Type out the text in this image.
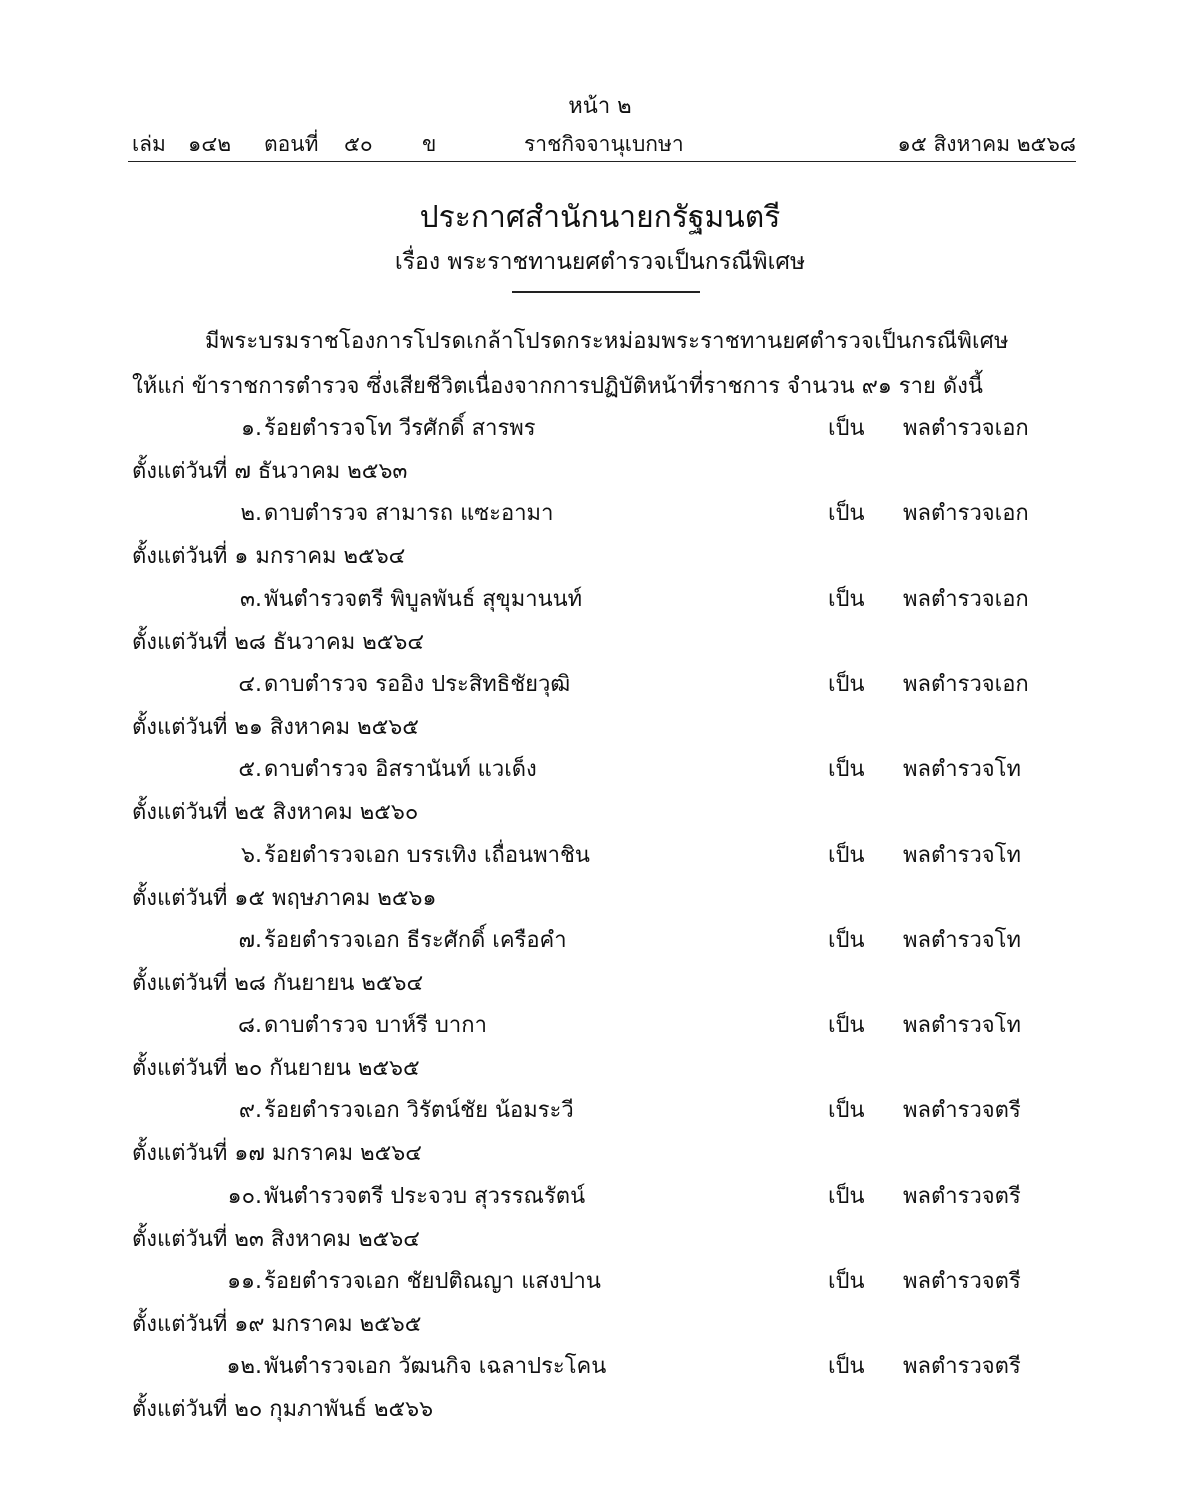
หน้า ๒
เล่ม ๑๔๒ ตอนที่ ๕๐ ข	ราชกิจจานุเบกษา	๑๕ สิงหาคม ๒๕๖๘
ประกาศสำนักนายกรัฐมนตรี
เรื่อง พระราชทานยศตำรวจเป็นกรณีพิเศษ
มีพระบรมราชโองการโปรดเกล้าโปรดกระหม่อมพระราชทานยศตำรวจเป็นกรณีพิเศษ
ให้แก่ ข้าราชการตำรวจ ซึ่งเสียชีวิตเนื่องจากการปฏิบัติหน้าที่ราชการ จำนวน ๙๑ ราย ดังนี้
๑. ร้อยตำรวจโท วีรศักดิ์ สารพร	เป็น พลตำรวจเอก
ตั้งแต่วันที่ ๗ ธันวาคม ๒๕๖๓
๒. ดาบตำรวจ สามารถ แซะอามา	เป็น พลตำรวจเอก
ตั้งแต่วันที่ ๑ มกราคม ๒๕๖๔
๓. พันตำรวจตรี พิบูลพันธ์ สุขุมานนท์	เป็น พลตำรวจเอก
ตั้งแต่วันที่ ๒๘ ธันวาคม ๒๕๖๔
๔. ดาบตำรวจ รออิง ประสิทธิชัยวุฒิ	เป็น พลตำรวจเอก
ตั้งแต่วันที่ ๒๑ สิงหาคม ๒๕๖๕
๕. ดาบตำรวจ อิสรานันท์ แวเด็ง	เป็น พลตำรวจโท
ตั้งแต่วันที่ ๒๕ สิงหาคม ๒๕๖๐
๖. ร้อยตำรวจเอก บรรเทิง เถื่อนพาชิน	เป็น พลตำรวจโท
ตั้งแต่วันที่ ๑๕ พฤษภาคม ๒๕๖๑
๗. ร้อยตำรวจเอก ธีระศักดิ์ เครือคำ	เป็น พลตำรวจโท
ตั้งแต่วันที่ ๒๘ กันยายน ๒๕๖๔
๘. ดาบตำรวจ บาห์รี บากา	เป็น พลตำรวจโท
ตั้งแต่วันที่ ๒๐ กันยายน ๒๕๖๕
๙. ร้อยตำรวจเอก วิรัตน์ชัย น้อมระวี	เป็น พลตำรวจตรี
ตั้งแต่วันที่ ๑๗ มกราคม ๒๕๖๔
๑๐. พันตำรวจตรี ประจวบ สุวรรณรัตน์	เป็น พลตำรวจตรี
ตั้งแต่วันที่ ๒๓ สิงหาคม ๒๕๖๔
๑๑. ร้อยตำรวจเอก ชัยปติณญา แสงปาน	เป็น พลตำรวจตรี
ตั้งแต่วันที่ ๑๙ มกราคม ๒๕๖๕
๑๒. พันตำรวจเอก วัฒนกิจ เฉลาประโคน	เป็น พลตำรวจตรี
ตั้งแต่วันที่ ๒๐ กุมภาพันธ์ ๒๕๖๖
